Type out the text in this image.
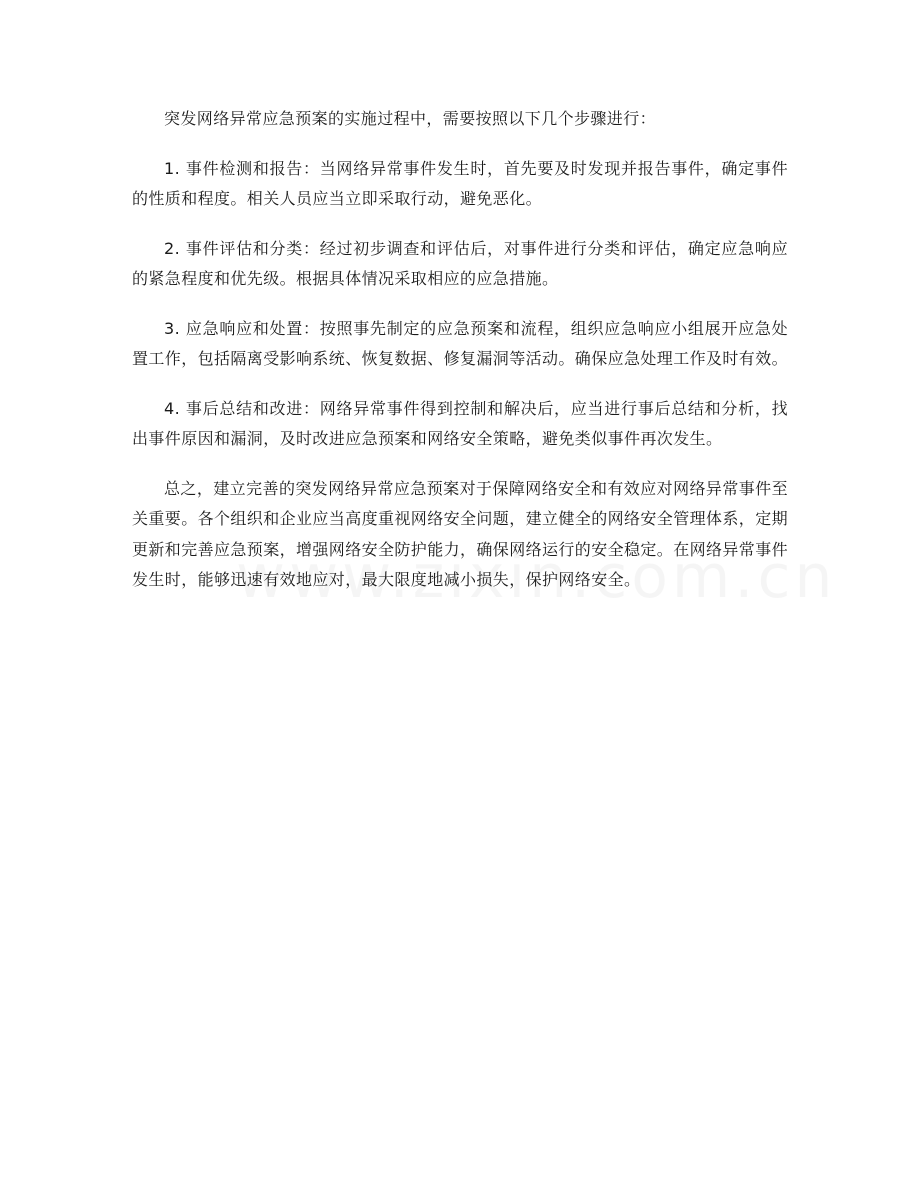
突发网络异常应急预案的实施过程中，需要按照以下几个步骤进行：

1. 事件检测和报告：当网络异常事件发生时，首先要及时发现并报告事件，确定事件的性质和程度。相关人员应当立即采取行动，避免恶化。

2. 事件评估和分类：经过初步调查和评估后，对事件进行分类和评估，确定应急响应的紧急程度和优先级。根据具体情况采取相应的应急措施。

3. 应急响应和处置：按照事先制定的应急预案和流程，组织应急响应小组展开应急处置工作，包括隔离受影响系统、恢复数据、修复漏洞等活动。确保应急处理工作及时有效。

4. 事后总结和改进：网络异常事件得到控制和解决后，应当进行事后总结和分析，找出事件原因和漏洞，及时改进应急预案和网络安全策略，避免类似事件再次发生。

总之，建立完善的突发网络异常应急预案对于保障网络安全和有效应对网络异常事件至关重要。各个组织和企业应当高度重视网络安全问题，建立健全的网络安全管理体系，定期更新和完善应急预案，增强网络安全防护能力，确保网络运行的安全稳定。在网络异常事件发生时，能够迅速有效地应对，最大限度地减小损失，保护网络安全。
